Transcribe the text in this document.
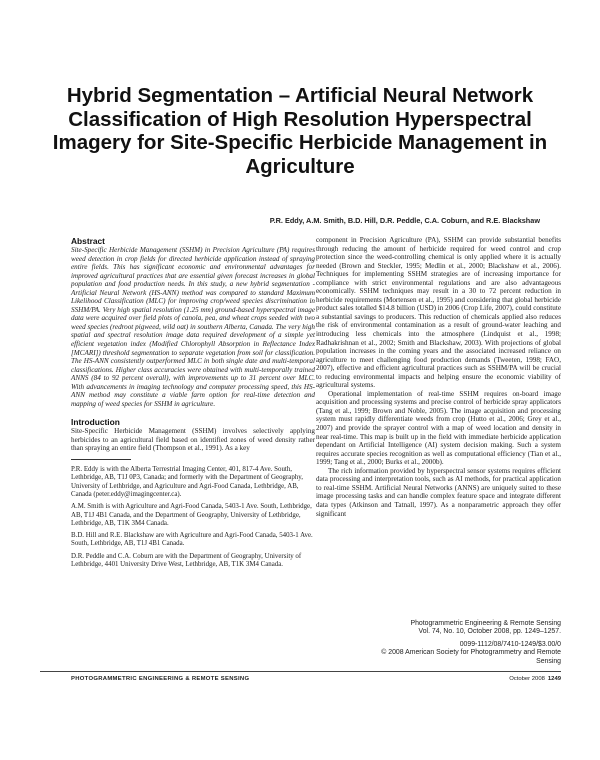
Hybrid Segmentation – Artificial Neural Network Classification of High Resolution Hyperspectral Imagery for Site-Specific Herbicide Management in Agriculture
P.R. Eddy, A.M. Smith, B.D. Hill, D.R. Peddle, C.A. Coburn, and R.E. Blackshaw
Abstract

Site-Specific Herbicide Management (SSHM) in Precision Agriculture (PA) requires weed detection in crop fields for directed herbicide application instead of spraying entire fields. This has significant economic and environmental advantages for improved agricultural practices that are essential given forecast increases in global population and food production needs. In this study, a new hybrid segmentation - Artificial Neural Network (HS-ANN) method was compared to standard Maximum Likelihood Classification (MLC) for improving crop/weed species discrimination in SSHM/PA. Very high spatial resolution (1.25 mm) ground-based hyperspectral image data were acquired over field plots of canola, pea, and wheat crops seeded with two weed species (redroot pigweed, wild oat) in southern Alberta, Canada. The very high spatial and spectral resolution image data required development of a simple yet efficient vegetation index (Modified Chlorophyll Absorption in Reflectance Index [MCARI]) threshold segmentation to separate vegetation from soil for classification. The HS-ANN consistently outperformed MLC in both single date and multi-temporal classifications. Higher class accuracies were obtained with multi-temporally trained ANNS (84 to 92 percent overall), with improvements up to 31 percent over MLC. With advancements in imaging technology and computer processing speed, this HS-ANN method may constitute a viable farm option for real-time detection and mapping of weed species for SSHM in agriculture.

Introduction

Site-Specific Herbicide Management (SSHM) involves selectively applying herbicides to an agricultural field based on identified zones of weed density rather than spraying an entire field (Thompson et al., 1991). As a key

P.R. Eddy is with the Alberta Terrestrial Imaging Center, 401, 817-4 Ave. South, Lethbridge, AB, T1J 0P3, Canada; and formerly with the Department of Geography, University of Lethbridge, and Agriculture and Agri-Food Canada, Lethbridge, AB, Canada (peter.eddy@imagingcenter.ca).

A.M. Smith is with Agriculture and Agri-Food Canada, 5403-1 Ave. South, Lethbridge, AB, T1J 4B1 Canada, and the Department of Geography, University of Lethbridge, Lethbridge, AB, T1K 3M4 Canada.

B.D. Hill and R.E. Blackshaw are with Agriculture and Agri-Food Canada, 5403-1 Ave. South, Lethbridge, AB, T1J 4B1 Canada.

D.R. Peddle and C.A. Coburn are with the Department of Geography, University of Lethbridge, 4401 University Drive West, Lethbridge, AB, T1K 3M4 Canada.

component in Precision Agriculture (PA), SSHM can provide substantial benefits through reducing the amount of herbicide required for weed control and crop protection since the weed-controlling chemical is only applied where it is actually needed (Brown and Steckler, 1995; Medlin et al., 2000; Blackshaw et al., 2006). Techniques for implementing SSHM strategies are of increasing importance for compliance with strict environmental regulations and are also advantageous economically. SSHM techniques may result in a 30 to 72 percent reduction in herbicide requirements (Mortensen et al., 1995) and considering that global herbicide product sales totalled $14.8 billion (USD) in 2006 (Crop Life, 2007), could constitute a substantial savings to producers. This reduction of chemicals applied also reduces the risk of environmental contamination as a result of ground-water leaching and introducing less chemicals into the atmosphere (Lindquist et al., 1998; Radhakrishnan et al., 2002; Smith and Blackshaw, 2003). With projections of global population increases in the coming years and the associated increased reliance on agriculture to meet challenging food production demands (Tweeten, 1998; FAO, 2007), effective and efficient agricultural practices such as SSHM/PA will be crucial to reducing environmental impacts and helping ensure the economic viability of agricultural systems.

Operational implementation of real-time SSHM requires on-board image acquisition and processing systems and precise control of herbicide spray applicators (Tang et al., 1999; Brown and Noble, 2005). The image acquisition and processing system must rapidly differentiate weeds from crop (Hutto et al., 2006; Grey et al., 2007) and provide the sprayer control with a map of weed location and density in near real-time. This map is built up in the field with immediate herbicide application dependant on Artificial Intelligence (AI) system decision making. Such a system requires accurate species recognition as well as computational efficiency (Tian et al., 1999; Tang et al., 2000; Burks et al., 2000b).

The rich information provided by hyperspectral sensor systems requires efficient data processing and interpretation tools, such as AI methods, for practical application to real-time SSHM. Artificial Neural Networks (ANNS) are uniquely suited to these image processing tasks and can handle complex feature space and integrate different data types (Atkinson and Tatnall, 1997). As a nonparametric approach they offer significant

Photogrammetric Engineering & Remote Sensing

Vol. 74, No. 10, October 2008, pp. 1249–1257.

0099-1112/08/7410-1249/$3.00/0

© 2008 American Society for Photogrammetry and Remote Sensing

PHOTOGRAMMETRIC ENGINEERING & REMOTE SENSING	October 2008 1249
